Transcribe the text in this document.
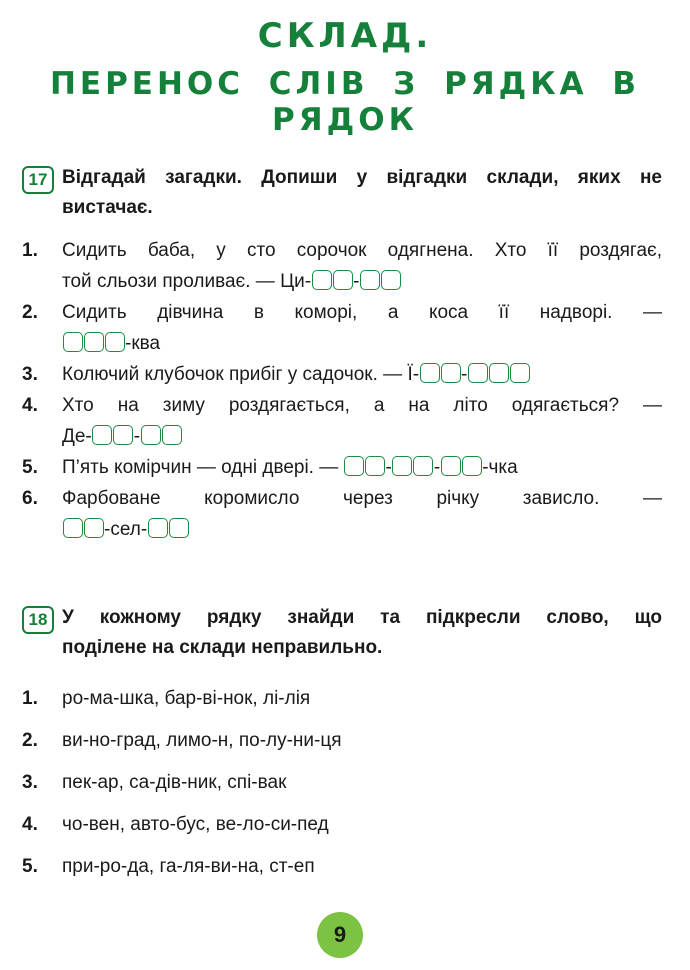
СКЛАД.
ПЕРЕНОС СЛІВ З РЯДКА В РЯДОК
17 Відгадай загадки. Допиши у відгадки склади, яких не
вистачає.
1. Сидить баба, у сто сорочок одягнена. Хто її роздягає,
той сльози проливає. — Ци- -
2. Сидить дівчина в коморі, а коса її надворі. —
-ква
3. Колючий клубочок прибіг у садочок. — Ї- -
4. Хто на зиму роздягається, а на літо одягається? —
Де- -
5. П’ять комірчин — одні двері. — - - -чка
6. Фарбоване коромисло через річку зависло. —
-сел-
18 У кожному рядку знайди та підкресли слово, що
поділене на склади неправильно.
1. ро-ма-шка, бар-ві-нок, лі-лія
2. ви-но-град, лимо-н, по-лу-ни-ця
3. пек-ар, са-дів-ник, спі-вак
4. чо-вен, авто-бус, ве-ло-си-пед
5. при-ро-да, га-ля-ви-на, ст-еп
9
